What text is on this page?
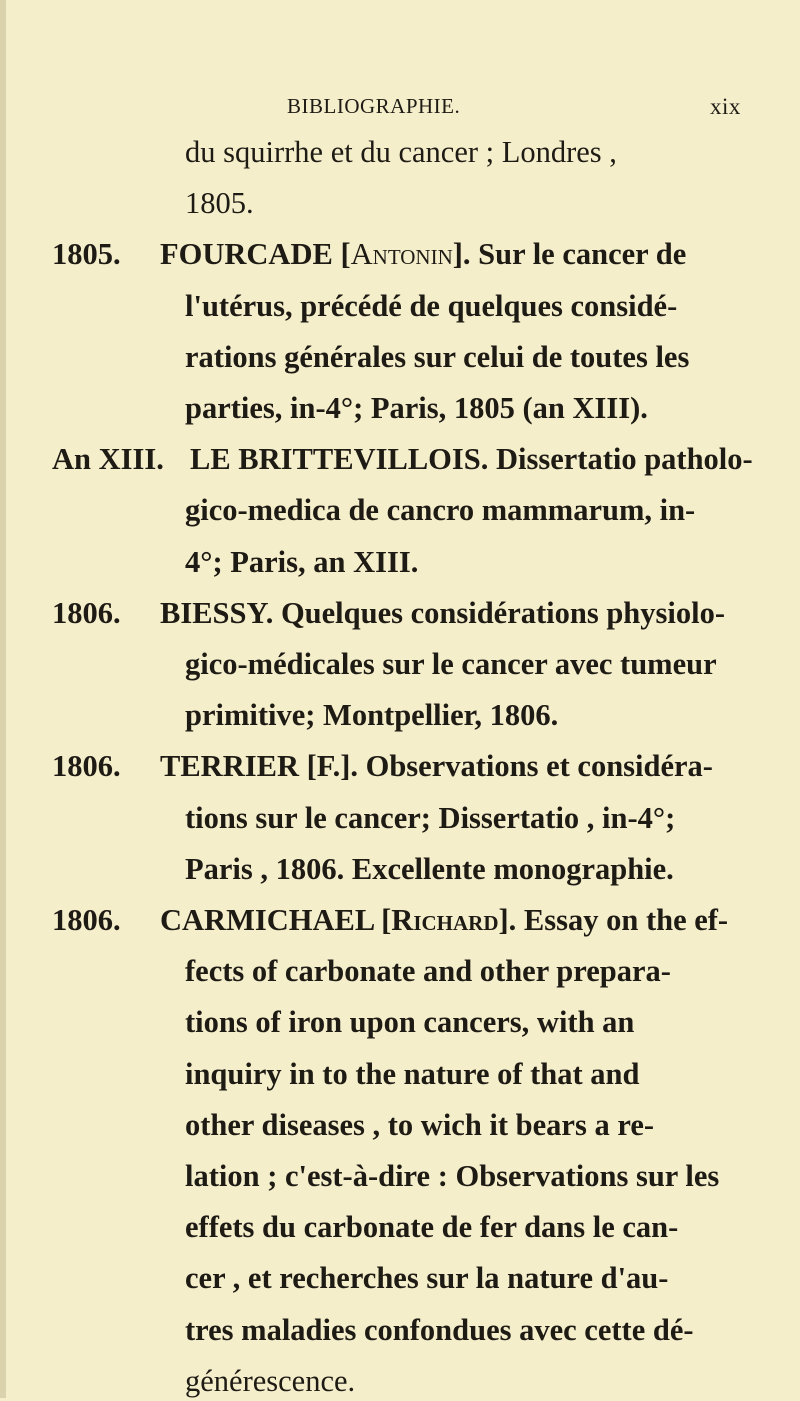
BIBLIOGRAPHIE.	xix
du squirrhe et du cancer ; Londres ,
1805.
1805. FOURCADE [Antonin]. Sur le cancer de
l'utérus, précédé de quelques considé-
rations générales sur celui de toutes les
parties, in-4°; Paris, 1805 (an XIII).
An XIII. LE BRITTEVILLOIS. Dissertatio patholo-
gico-medica de cancro mammarum, in-
4°; Paris, an XIII.
1806. BIESSY. Quelques considérations physiolo-
gico-médicales sur le cancer avec tumeur
primitive; Montpellier, 1806.
1806. TERRIER [F.]. Observations et considéra-
tions sur le cancer; Dissertatio , in-4°;
Paris , 1806. Excellente monographie.
1806. CARMICHAEL [Richard]. Essay on the ef-
fects of carbonate and other prepara-
tions of iron upon cancers, with an
inquiry in to the nature of that and
other diseases , to wich it bears a re-
lation ; c'est-à-dire : Observations sur les
effets du carbonate de fer dans le can-
cer , et recherches sur la nature d'au-
tres maladies confondues avec cette dé-
générescence.
